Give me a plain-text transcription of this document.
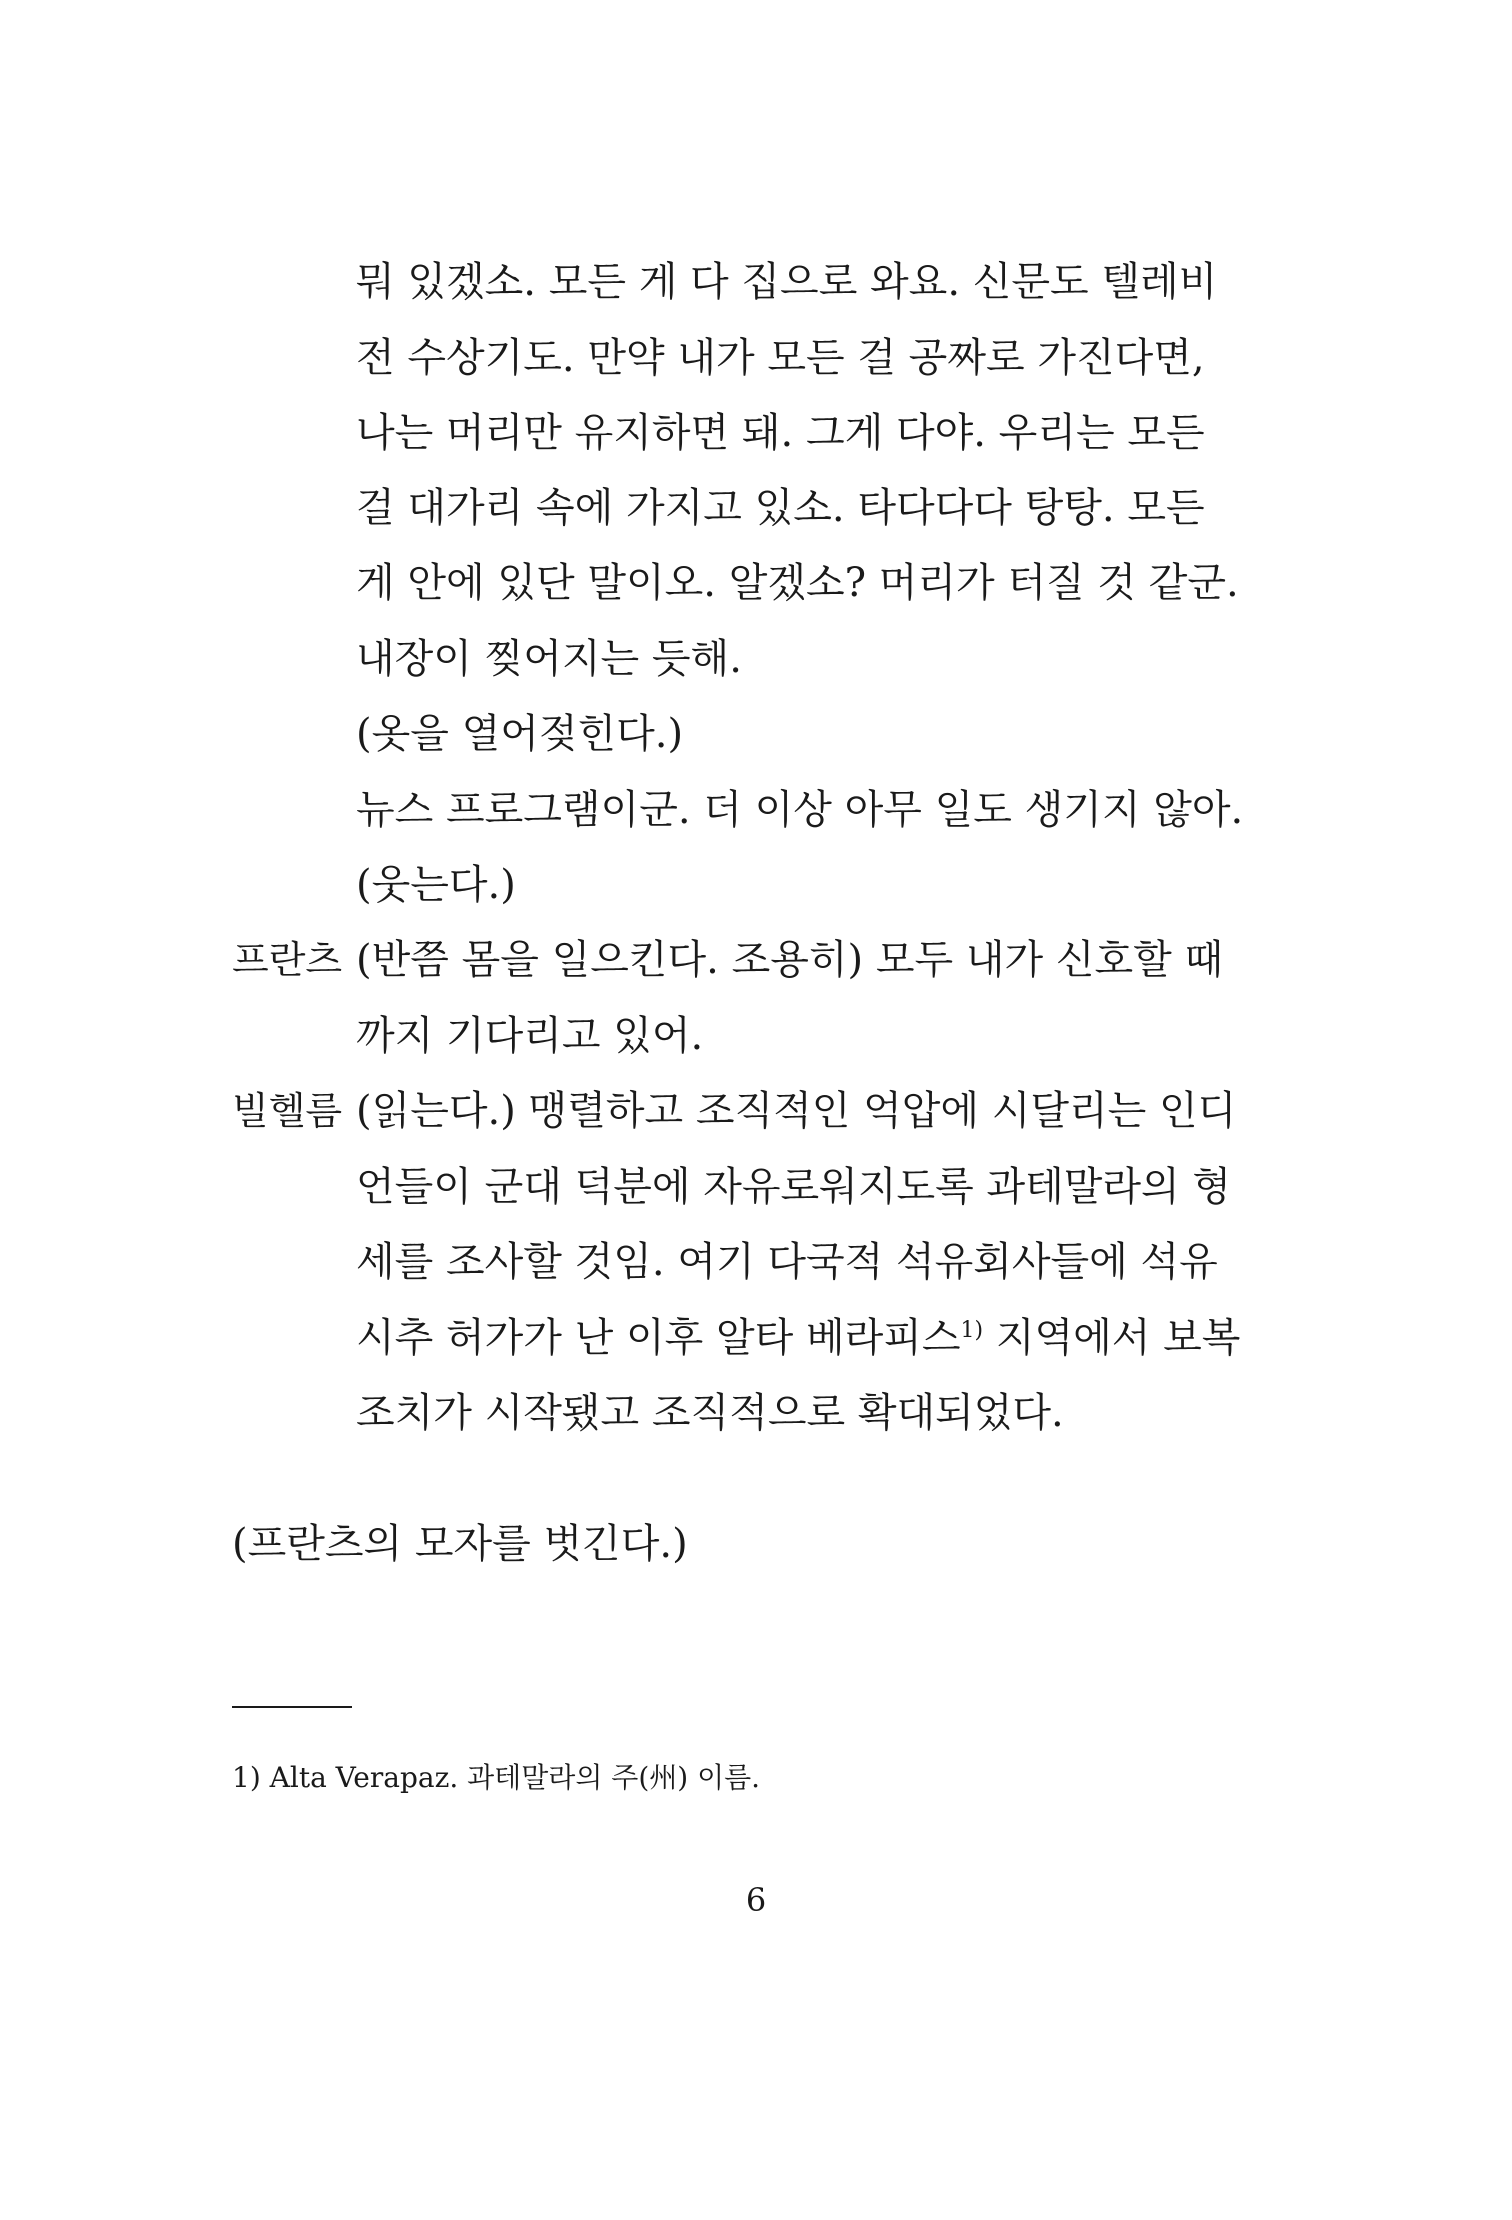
뭐 있겠소. 모든 게 다 집으로 와요. 신문도 텔레비
전 수상기도. 만약 내가 모든 걸 공짜로 가진다면,
나는 머리만 유지하면 돼. 그게 다야. 우리는 모든
걸 대가리 속에 가지고 있소. 타다다다 탕탕. 모든
게 안에 있단 말이오. 알겠소? 머리가 터질 것 같군.
내장이 찢어지는 듯해.
(옷을 열어젖힌다.)
뉴스 프로그램이군. 더 이상 아무 일도 생기지 않아.
(웃는다.)
프란츠 (반쯤 몸을 일으킨다. 조용히) 모두 내가 신호할 때
까지 기다리고 있어.
빌헬름 (읽는다.) 맹렬하고 조직적인 억압에 시달리는 인디
언들이 군대 덕분에 자유로워지도록 과테말라의 형
세를 조사할 것임. 여기 다국적 석유회사들에 석유
시추 허가가 난 이후 알타 베라피스$^{1)}$ 지역에서 보복
조치가 시작됐고 조직적으로 확대되었다.
(프란츠의 모자를 벗긴다.)
1) Alta Verapaz. 과테말라의 주(州) 이름.
6
